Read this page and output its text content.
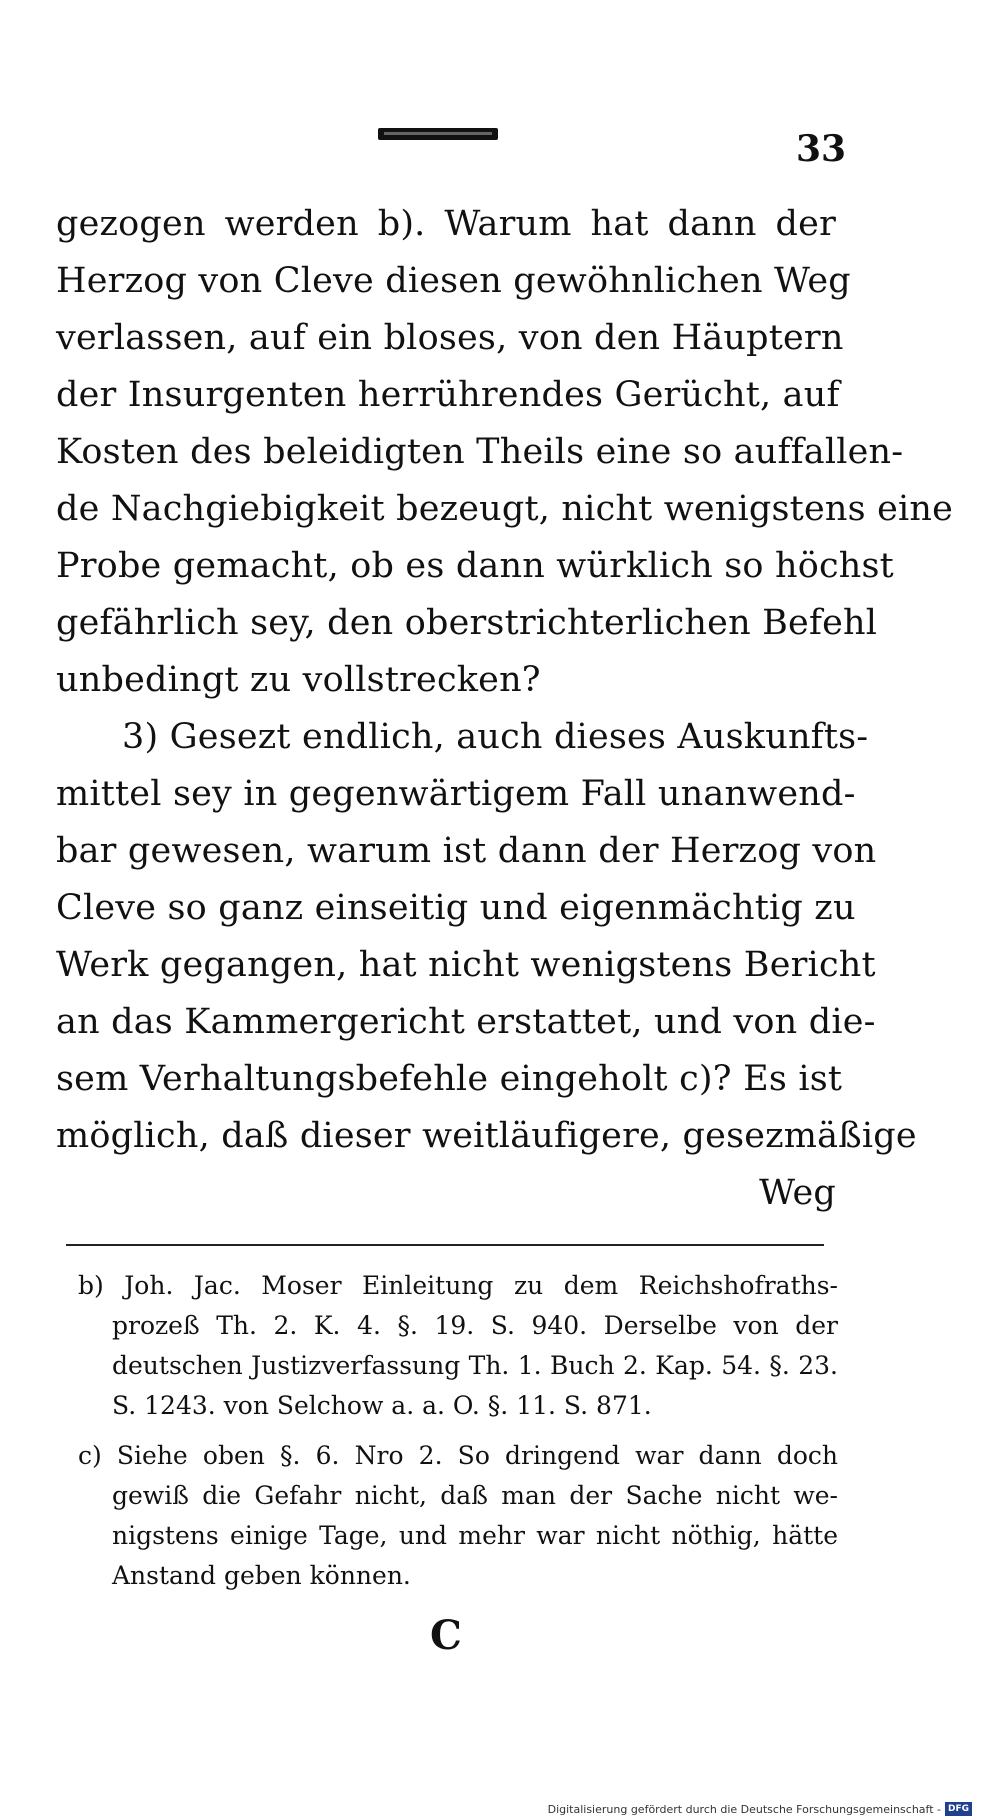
33
gezogen werden b). Warum hat dann der
Herzog von Cleve diesen gewöhnlichen Weg
verlassen, auf ein bloses, von den Häuptern
der Insurgenten herrührendes Gerücht, auf
Kosten des beleidigten Theils eine so auffallen-
de Nachgiebigkeit bezeugt, nicht wenigstens eine
Probe gemacht, ob es dann würklich so höchst
gefährlich sey, den oberstrichterlichen Befehl
unbedingt zu vollstrecken?
3) Gesezt endlich, auch dieses Auskunfts-
mittel sey in gegenwärtigem Fall unanwend-
bar gewesen, warum ist dann der Herzog von
Cleve so ganz einseitig und eigenmächtig zu
Werk gegangen, hat nicht wenigstens Bericht
an das Kammergericht erstattet, und von die-
sem Verhaltungsbefehle eingeholt c)? Es ist
möglich, daß dieser weitläufigere, gesezmäßige
Weg
b) Joh. Jac. Moser Einleitung zu dem Reichshofraths-
prozeß Th. 2. K. 4. §. 19. S. 940. Derselbe von der
deutschen Justizverfassung Th. 1. Buch 2. Kap. 54. §. 23.
S. 1243. von Selchow a. a. O. §. 11. S. 871.
c) Siehe oben §. 6. Nro 2. So dringend war dann doch
gewiß die Gefahr nicht, daß man der Sache nicht we-
nigstens einige Tage, und mehr war nicht nöthig, hätte
Anstand geben können.
C
Digitalisierung gefördert durch die Deutsche Forschungsgemeinschaft - DFG
